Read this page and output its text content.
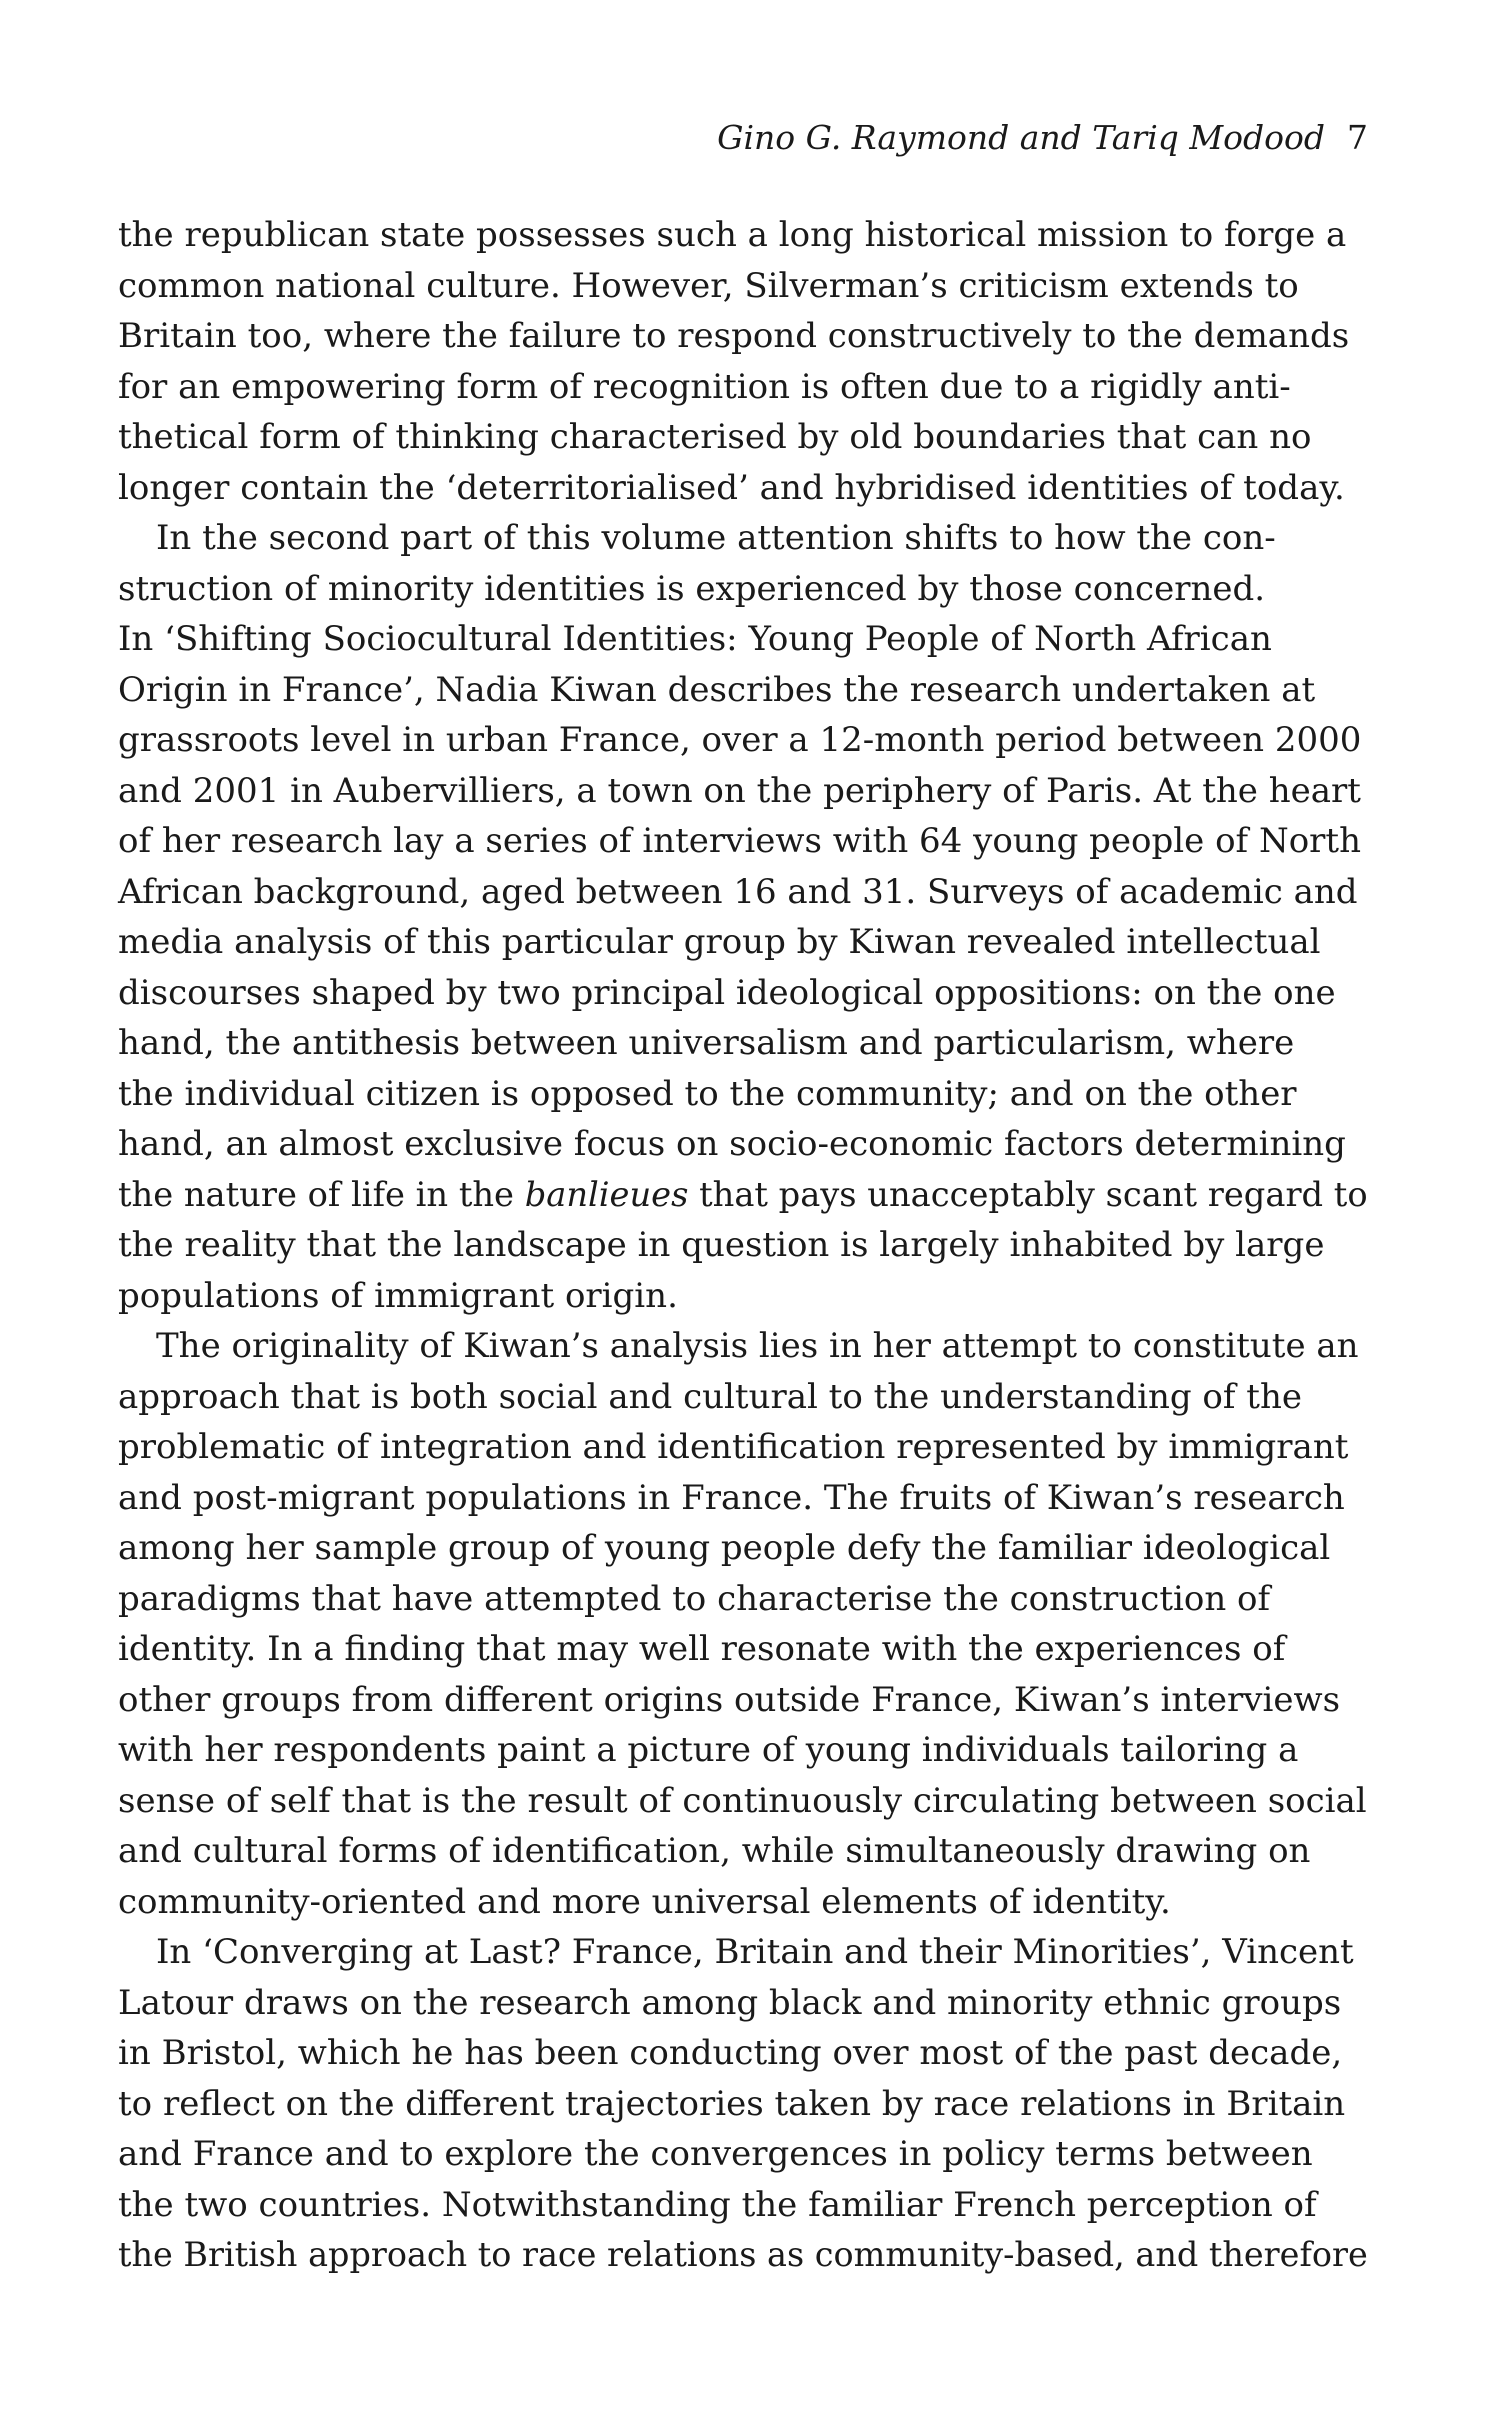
Gino G. Raymond and Tariq Modood 7
the republican state possesses such a long historical mission to forge a
common national culture. However, Silverman’s criticism extends to
Britain too, where the failure to respond constructively to the demands
for an empowering form of recognition is often due to a rigidly anti-
thetical form of thinking characterised by old boundaries that can no
longer contain the ‘deterritorialised’ and hybridised identities of today.
In the second part of this volume attention shifts to how the con-
struction of minority identities is experienced by those concerned.
In ‘Shifting Sociocultural Identities: Young People of North African
Origin in France’, Nadia Kiwan describes the research undertaken at
grassroots level in urban France, over a 12-month period between 2000
and 2001 in Aubervilliers, a town on the periphery of Paris. At the heart
of her research lay a series of interviews with 64 young people of North
African background, aged between 16 and 31. Surveys of academic and
media analysis of this particular group by Kiwan revealed intellectual
discourses shaped by two principal ideological oppositions: on the one
hand, the antithesis between universalism and particularism, where
the individual citizen is opposed to the community; and on the other
hand, an almost exclusive focus on socio-economic factors determining
the nature of life in the banlieues that pays unacceptably scant regard to
the reality that the landscape in question is largely inhabited by large
populations of immigrant origin.
The originality of Kiwan’s analysis lies in her attempt to constitute an
approach that is both social and cultural to the understanding of the
problematic of integration and identification represented by immigrant
and post-migrant populations in France. The fruits of Kiwan’s research
among her sample group of young people defy the familiar ideological
paradigms that have attempted to characterise the construction of
identity. In a finding that may well resonate with the experiences of
other groups from different origins outside France, Kiwan’s interviews
with her respondents paint a picture of young individuals tailoring a
sense of self that is the result of continuously circulating between social
and cultural forms of identification, while simultaneously drawing on
community-oriented and more universal elements of identity.
In ‘Converging at Last? France, Britain and their Minorities’, Vincent
Latour draws on the research among black and minority ethnic groups
in Bristol, which he has been conducting over most of the past decade,
to reflect on the different trajectories taken by race relations in Britain
and France and to explore the convergences in policy terms between
the two countries. Notwithstanding the familiar French perception of
the British approach to race relations as community-based, and therefore
